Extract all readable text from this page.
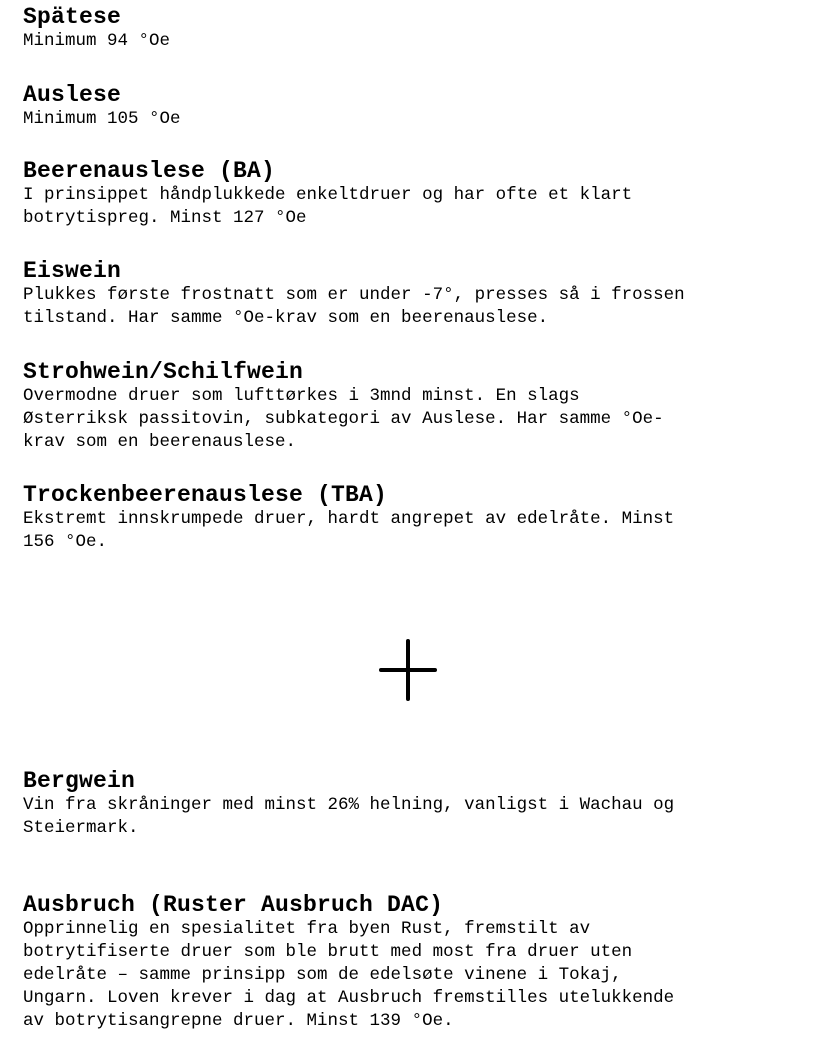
Spätese
Minimum 94 °Oe
Auslese
Minimum 105 °Oe
Beerenauslese (BA)
I prinsippet håndplukkede enkeltdruer og har ofte et klart
botrytispreg. Minst 127 °Oe
Eiswein
Plukkes første frostnatt som er under -7°, presses så i frossen
tilstand. Har samme °Oe-krav som en beerenauslese.
Strohwein/Schilfwein
Overmodne druer som lufttørkes i 3mnd minst. En slags
Østerriksk passitovin, subkategori av Auslese. Har samme °Oe-
krav som en beerenauslese.
Trockenbeerenauslese (TBA)
Ekstremt innskrumpede druer, hardt angrepet av edelråte. Minst
156 °Oe.
Bergwein
Vin fra skråninger med minst 26% helning, vanligst i Wachau og
Steiermark.
Ausbruch (Ruster Ausbruch DAC)
Opprinnelig en spesialitet fra byen Rust, fremstilt av
botrytifiserte druer som ble brutt med most fra druer uten
edelråte – samme prinsipp som de edelsøte vinene i Tokaj,
Ungarn. Loven krever i dag at Ausbruch fremstilles utelukkende
av botrytisangrepne druer. Minst 139 °Oe.
